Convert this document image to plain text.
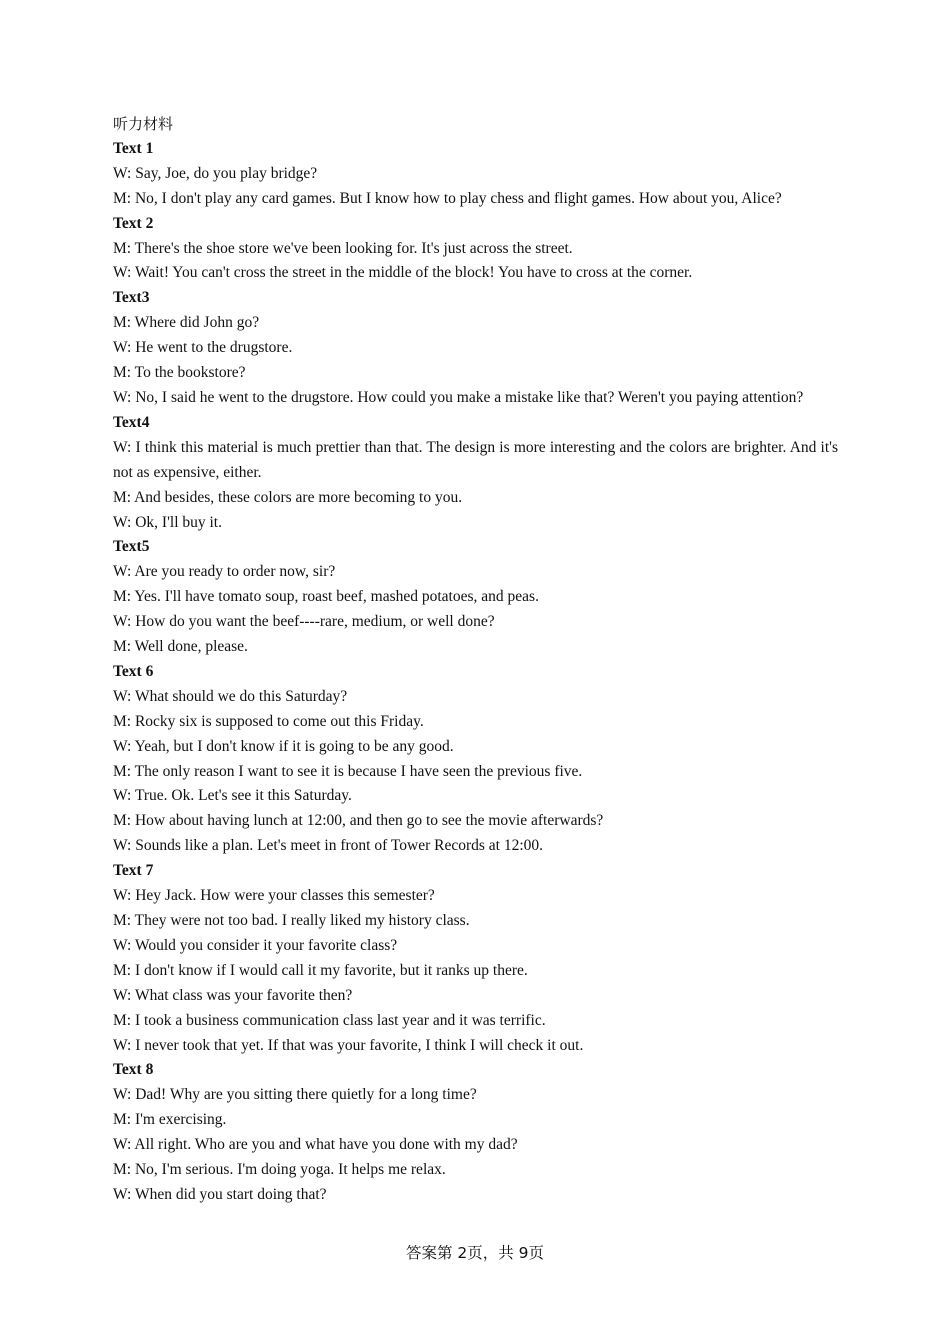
听力材料
Text 1
W: Say, Joe, do you play bridge?
M: No, I don't play any card games. But I know how to play chess and flight games. How about you, Alice?
Text 2
M: There's the shoe store we've been looking for. It's just across the street.
W: Wait! You can't cross the street in the middle of the block! You have to cross at the corner.
Text3
M: Where did John go?
W: He went to the drugstore.
M: To the bookstore?
W: No, I said he went to the drugstore. How could you make a mistake like that? Weren't you paying attention?
Text4
W: I think this material is much prettier than that. The design is more interesting and the colors are brighter. And it's not as expensive, either.
M: And besides, these colors are more becoming to you.
W: Ok, I'll buy it.
Text5
W: Are you ready to order now, sir?
M: Yes. I'll have tomato soup, roast beef, mashed potatoes, and peas.
W: How do you want the beef----rare, medium, or well done?
M: Well done, please.
Text 6
W: What should we do this Saturday?
M: Rocky six is supposed to come out this Friday.
W: Yeah, but I don't know if it is going to be any good.
M: The only reason I want to see it is because I have seen the previous five.
W: True. Ok. Let's see it this Saturday.
M: How about having lunch at 12:00, and then go to see the movie afterwards?
W: Sounds like a plan. Let's meet in front of Tower Records at 12:00.
Text 7
W: Hey Jack. How were your classes this semester?
M: They were not too bad. I really liked my history class.
W: Would you consider it your favorite class?
M: I don't know if I would call it my favorite, but it ranks up there.
W: What class was your favorite then?
M: I took a business communication class last year and it was terrific.
W: I never took that yet. If that was your favorite, I think I will check it out.
Text 8
W: Dad! Why are you sitting there quietly for a long time?
M: I'm exercising.
W: All right. Who are you and what have you done with my dad?
M: No, I'm serious. I'm doing yoga. It helps me relax.
W: When did you start doing that?
答案第 2页，共 9页
